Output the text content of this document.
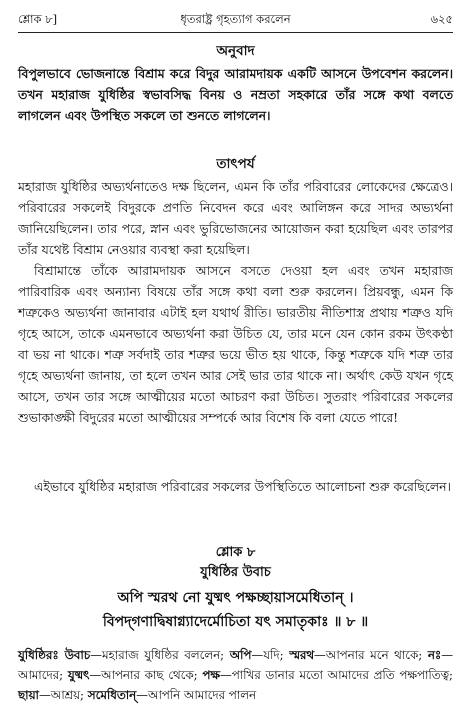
শ্লোক ৮]	ধৃতরাষ্ট্র গৃহত্যাগ করলেন	৬২৫
অনুবাদ

বিপুলভাবে ভোজনান্তে বিশ্রাম করে বিদুর আরামদায়ক একটি আসনে উপবেশন করলেন। তখন মহারাজ যুধিষ্ঠির স্বভাবসিদ্ধ বিনয় ও নম্রতা সহকারে তাঁর সঙ্গে কথা বলতে লাগলেন এবং উপস্থিত সকলে তা শুনতে লাগলেন।

তাৎপর্য

মহারাজ যুধিষ্ঠির অভ্যর্থনাতেও দক্ষ ছিলেন, এমন কি তাঁর পরিবারের লোকেদের ক্ষেত্রেও। পরিবারের সকলেই বিদুরকে প্রণতি নিবেদন করে এবং আলিঙ্গন করে সাদর অভ্যর্থনা জানিয়েছিলেন। তার পরে, স্নান এবং ভুরিভোজনের আয়োজন করা হয়েছিল এবং তারপর তাঁর যথেষ্ট বিশ্রাম নেওয়ার ব্যবস্থা করা হয়েছিল।

বিশ্রামান্তে তাঁকে আরামদায়ক আসনে বসতে দেওয়া হল এবং তখন মহারাজ পারিবারিক এবং অন্যান্য বিষয়ে তাঁর সঙ্গে কথা বলা শুরু করলেন। প্রিয়বন্ধু, এমন কি শত্রুকেও অভ্যর্থনা জানাবার এটাই হল যথার্থ রীতি। ভারতীয় নীতিশাস্ত্র প্রথায় শত্রুও যদি গৃহে আসে, তাকে এমনভাবে অভ্যর্থনা করা উচিত যে, তার মনে যেন কোন রকম উৎকণ্ঠা বা ভয় না থাকে। শত্রু সর্বদাই তার শত্রুর ভয়ে ভীত হয় থাকে, কিন্তু শত্রুকে যদি শত্রু তার গৃহে অভ্যর্থনা জানায়, তা হলে তখন আর সেই ভার তার থাকে না। অর্থাৎ কেউ যখন গৃহে আসে, তখন তার সঙ্গে আত্মীয়ের মতো আচরণ করা উচিত। সুতরাং পরিবারের সকলের শুভাকাঙ্ক্ষী বিদুরের মতো আত্মীয়ের সম্পর্কে আর বিশেষ কি বলা যেতে পারে!

এইভাবে যুধিষ্ঠির মহারাজ পরিবারের সকলের উপস্থিতিতে আলোচনা শুরু করেছিলেন।

শ্লোক ৮
যুধিষ্ঠির উবাচ
অপি স্মরথ নো যুষ্মৎ পক্ষচ্ছায়াসমেধিতান্ ।
বিপদ্‌গণাদ্বিষাগ্ন্যাদের্মোচিতা যৎ সমাতৃকাঃ ॥ ৮ ॥
যুধিষ্ঠিরঃ উবাচ—মহারাজ যুধিষ্ঠির বললেন; অপি—যদি; স্মরথ—আপনার মনে থাকে; নঃ—আমাদের; যুষ্মৎ—আপনার কাছ থেকে; পক্ষ—পাখির ডানার মতো আমাদের প্রতি পক্ষপাতিত্ব; ছায়া—আশ্রয়; সমেধিতান্—আপনি আমাদের পালন
